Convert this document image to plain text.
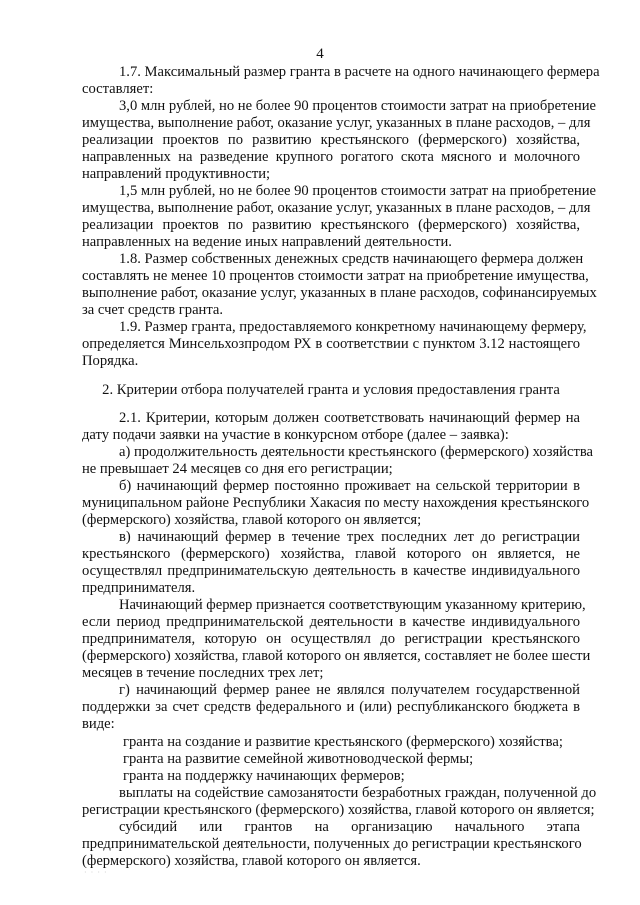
4
1.7. Максимальный размер гранта в расчете на одного начинающего фермера
составляет:
3,0 млн рублей, но не более 90 процентов стоимости затрат на приобретение
имущества, выполнение работ, оказание услуг, указанных в плане расходов, – для
реализации проектов по развитию крестьянского (фермерского) хозяйства,
направленных на разведение крупного рогатого скота мясного и молочного
направлений продуктивности;
1,5 млн рублей, но не более 90 процентов стоимости затрат на приобретение
имущества, выполнение работ, оказание услуг, указанных в плане расходов, – для
реализации проектов по развитию крестьянского (фермерского) хозяйства,
направленных на ведение иных направлений деятельности.
1.8. Размер собственных денежных средств начинающего фермера должен
составлять не менее 10 процентов стоимости затрат на приобретение имущества,
выполнение работ, оказание услуг, указанных в плане расходов, софинансируемых
за счет средств гранта.
1.9. Размер гранта, предоставляемого конкретному начинающему фермеру,
определяется Минсельхозпродом РХ в соответствии с пунктом 3.12 настоящего
Порядка.
2. Критерии отбора получателей гранта и условия предоставления гранта
2.1. Критерии, которым должен соответствовать начинающий фермер на
дату подачи заявки на участие в конкурсном отборе (далее – заявка):
а) продолжительность деятельности крестьянского (фермерского) хозяйства
не превышает 24 месяцев со дня его регистрации;
б) начинающий фермер постоянно проживает на сельской территории в
муниципальном районе Республики Хакасия по месту нахождения крестьянского
(фермерского) хозяйства, главой которого он является;
в) начинающий фермер в течение трех последних лет до регистрации
крестьянского (фермерского) хозяйства, главой которого он является, не
осуществлял предпринимательскую деятельность в качестве индивидуального
предпринимателя.
Начинающий фермер признается соответствующим указанному критерию,
если период предпринимательской деятельности в качестве индивидуального
предпринимателя, которую он осуществлял до регистрации крестьянского
(фермерского) хозяйства, главой которого он является, составляет не более шести
месяцев в течение последних трех лет;
г) начинающий фермер ранее не являлся получателем государственной
поддержки за счет средств федерального и (или) республиканского бюджета в
виде:
гранта на создание и развитие крестьянского (фермерского) хозяйства;
гранта на развитие семейной животноводческой фермы;
гранта на поддержку начинающих фермеров;
выплаты на содействие самозанятости безработных граждан, полученной до
регистрации крестьянского (фермерского) хозяйства, главой которого он является;
субсидий или грантов на организацию начального этапа
предпринимательской деятельности, полученных до регистрации крестьянского
(фермерского) хозяйства, главой которого он является.
· · · ·
